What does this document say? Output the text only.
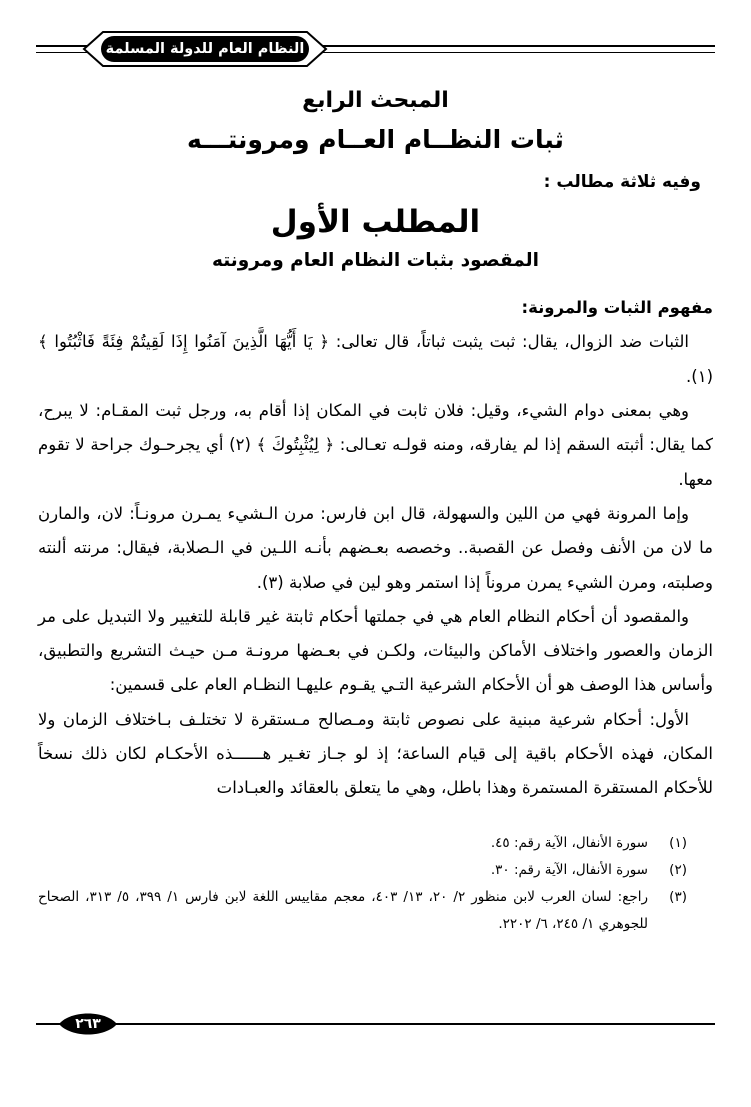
النظام العام للدولة المسلمة
المبحث الرابع
ثبات النظــام العــام ومرونتـــه

وفيه ثلاثة مطالب :

المطلب الأول
المقصود بثبات النظام العام ومرونته

مفهوم الثبات والمرونة:

الثبات ضد الزوال، يقال: ثبت يثبت ثباتاً، قال تعالى: ﴿ يَا أَيُّهَا الَّذِينَ آمَنُوا إِذَا لَقِيتُمْ فِئَةً فَاثْبُتُوا ﴾ (١).

وهي بمعنى دوام الشيء، وقيل: فلان ثابت في المكان إذا أقام به، ورجل ثبت المقـام: لا يبرح، كما يقال: أثبته السقم إذا لم يفارقه، ومنه قولـه تعـالى: ﴿ لِيُثْبِتُوكَ ﴾ (٢) أي يجرحـوك جراحة لا تقوم معها.

وإما المرونة فهي من اللين والسهولة، قال ابن فارس: مرن الـشيء يمـرن مرونـاً: لان، والمارن ما لان من الأنف وفصل عن القصبة.. وخصصه بعـضهم بأنـه اللـين في الـصلابة، فيقال: مرنته ألنته وصلبته، ومرن الشيء يمرن مروناً إذا استمر وهو لين في صلابة (٣).

والمقصود أن أحكام النظام العام هي في جملتها أحكام ثابتة غير قابلة للتغيير ولا التبديل على مر الزمان والعصور واختلاف الأماكن والبيئات، ولكـن في بعـضها مرونـة مـن حيـث التشريع والتطبيق، وأساس هذا الوصف هو أن الأحكام الشرعية التـي يقـوم عليهـا النظـام العام على قسمين:

الأول: أحكام شرعية مبنية على نصوص ثابتة ومـصالح مـستقرة لا تختلـف بـاختلاف الزمان ولا المكان، فهذه الأحكام باقية إلى قيام الساعة؛ إذ لو جـاز تغـير هــــــذه الأحكـام لكان ذلك نسخاً للأحكام المستقرة المستمرة وهذا باطل، وهي ما يتعلق بالعقائد والعبـادات

(١)
سورة الأنفال، الآية رقم: ٤٥.
(٢)
سورة الأنفال، الآية رقم: ٣٠.
(٣)
راجع: لسان العرب لابن منظور ٢/ ٢٠، ١٣/ ٤٠٣، معجم مقاييس اللغة لابن فارس ١/ ٣٩٩، ٥/ ٣١٣، الصحاح للجوهري ١/ ٢٤٥، ٦/ ٢٢٠٢.
٢٦٣
